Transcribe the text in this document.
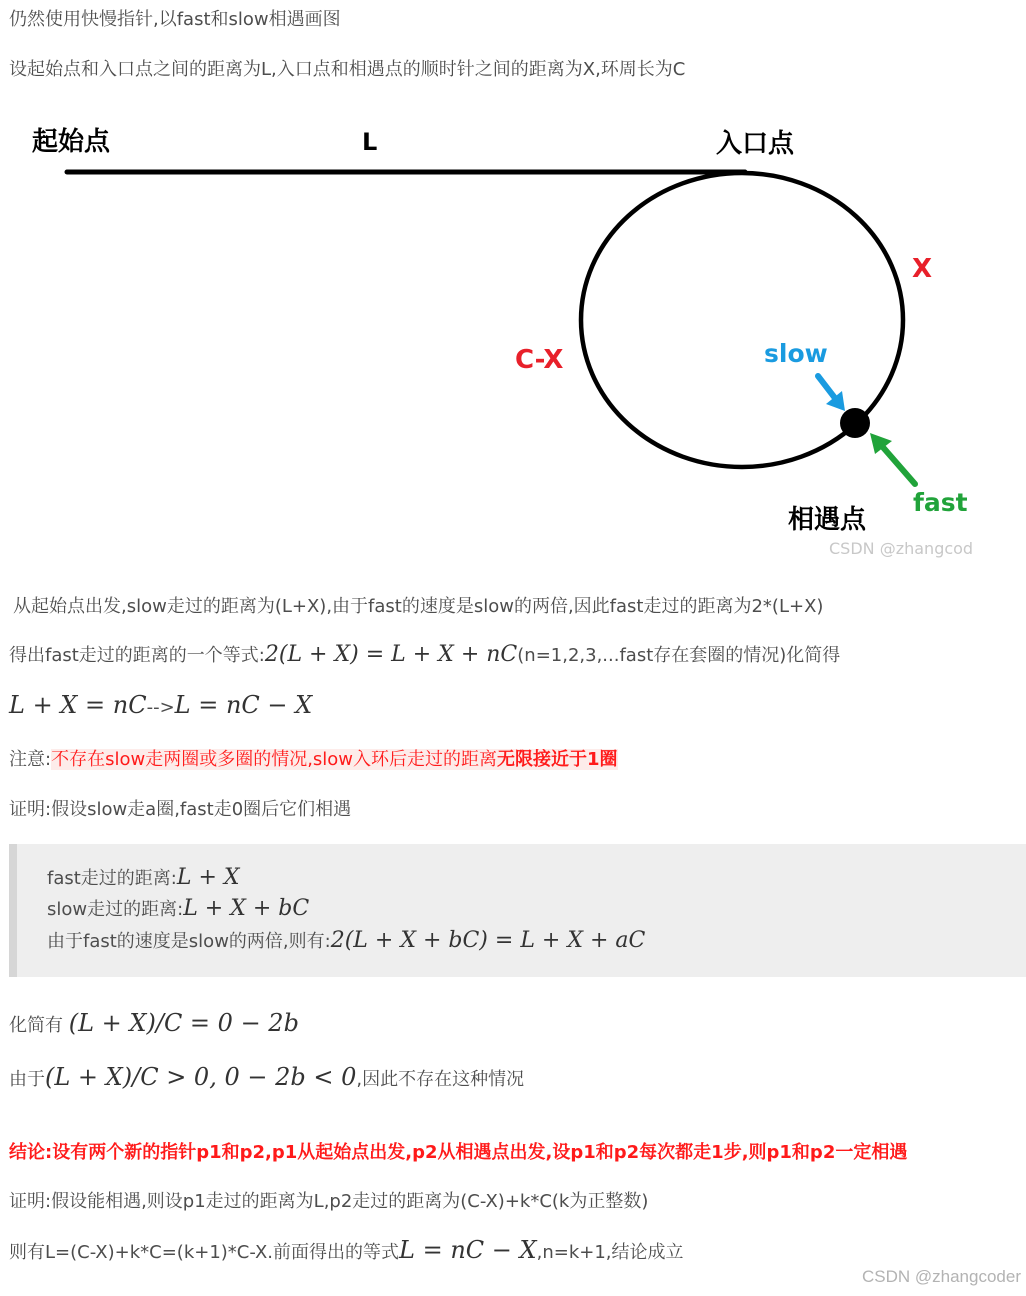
仍然使用快慢指针,以fast和slow相遇画图
设起始点和入口点之间的距离为L,入口点和相遇点的顺时针之间的距离为X,环周长为C
起始点	L	入口点
X
C-X	slow
fast
相遇点
CSDN @zhangcod
从起始点出发,slow走过的距离为(L+X),由于fast的速度是slow的两倍,因此fast走过的距离为2*(L+X)
得出fast走过的距离的一个等式:2(L + X) = L + X + nC(n=1,2,3,...fast存在套圈的情况)化简得
L + X = nC-->L = nC − X
注意:不存在slow走两圈或多圈的情况,slow入环后走过的距离无限接近于1圈
证明:假设slow走a圈,fast走0圈后它们相遇
fast走过的距离:L + X
slow走过的距离:L + X + bC
由于fast的速度是slow的两倍,则有:2(L + X + bC) = L + X + aC
化简有 (L + X)/C = 0 − 2b
由于(L + X)/C > 0, 0 − 2b < 0,因此不存在这种情况
结论:设有两个新的指针p1和p2,p1从起始点出发,p2从相遇点出发,设p1和p2每次都走1步,则p1和p2一定相遇
证明:假设能相遇,则设p1走过的距离为L,p2走过的距离为(C-X)+k*C(k为正整数)
则有L=(C-X)+k*C=(k+1)*C-X.前面得出的等式L = nC − X,n=k+1,结论成立
CSDN @zhangcoder
